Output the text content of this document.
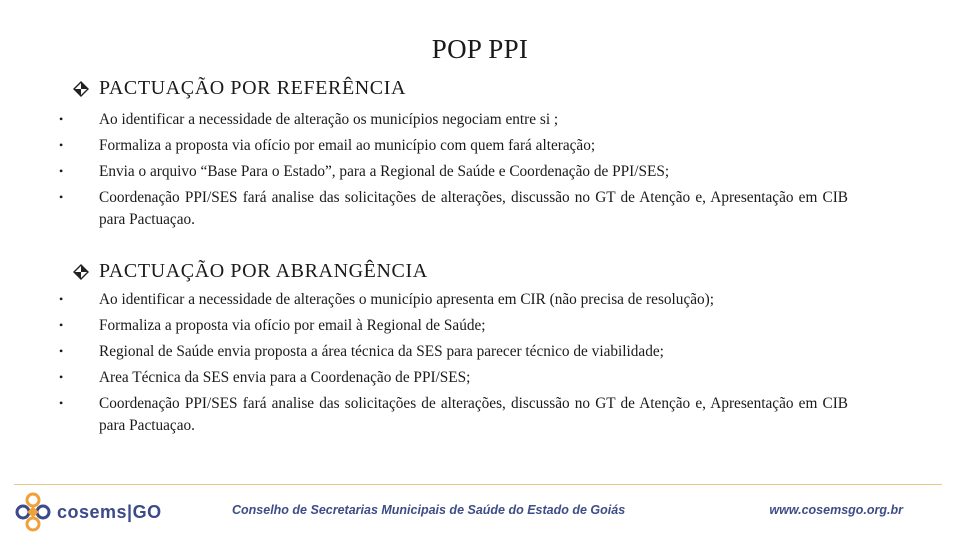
POP PPI
PACTUAÇÃO POR REFERÊNCIA
• Ao identificar a necessidade de alteração os municípios negociam entre si ;
• Formaliza a proposta via ofício por email ao município com quem fará alteração;
• Envia o arquivo “Base Para o Estado”, para a Regional de Saúde e Coordenação de PPI/SES;
• Coordenação PPI/SES fará analise das solicitações de alterações, discussão no GT de Atenção e, Apresentação em CIB para Pactuaçao.
PACTUAÇÃO POR ABRANGÊNCIA
• Ao identificar a necessidade de alterações o município apresenta em CIR (não precisa de resolução);
• Formaliza a proposta via ofício por email à Regional de Saúde;
• Regional de Saúde envia proposta a área técnica da SES para parecer técnico de viabilidade;
• Area Técnica da SES envia para a Coordenação de PPI/SES;
• Coordenação PPI/SES fará analise das solicitações de alterações, discussão no GT de Atenção e, Apresentação em CIB para Pactuaçao.
cosems|GO	Conselho de Secretarias Municipais de Saúde do Estado de Goiás	www.cosemsgo.org.br
